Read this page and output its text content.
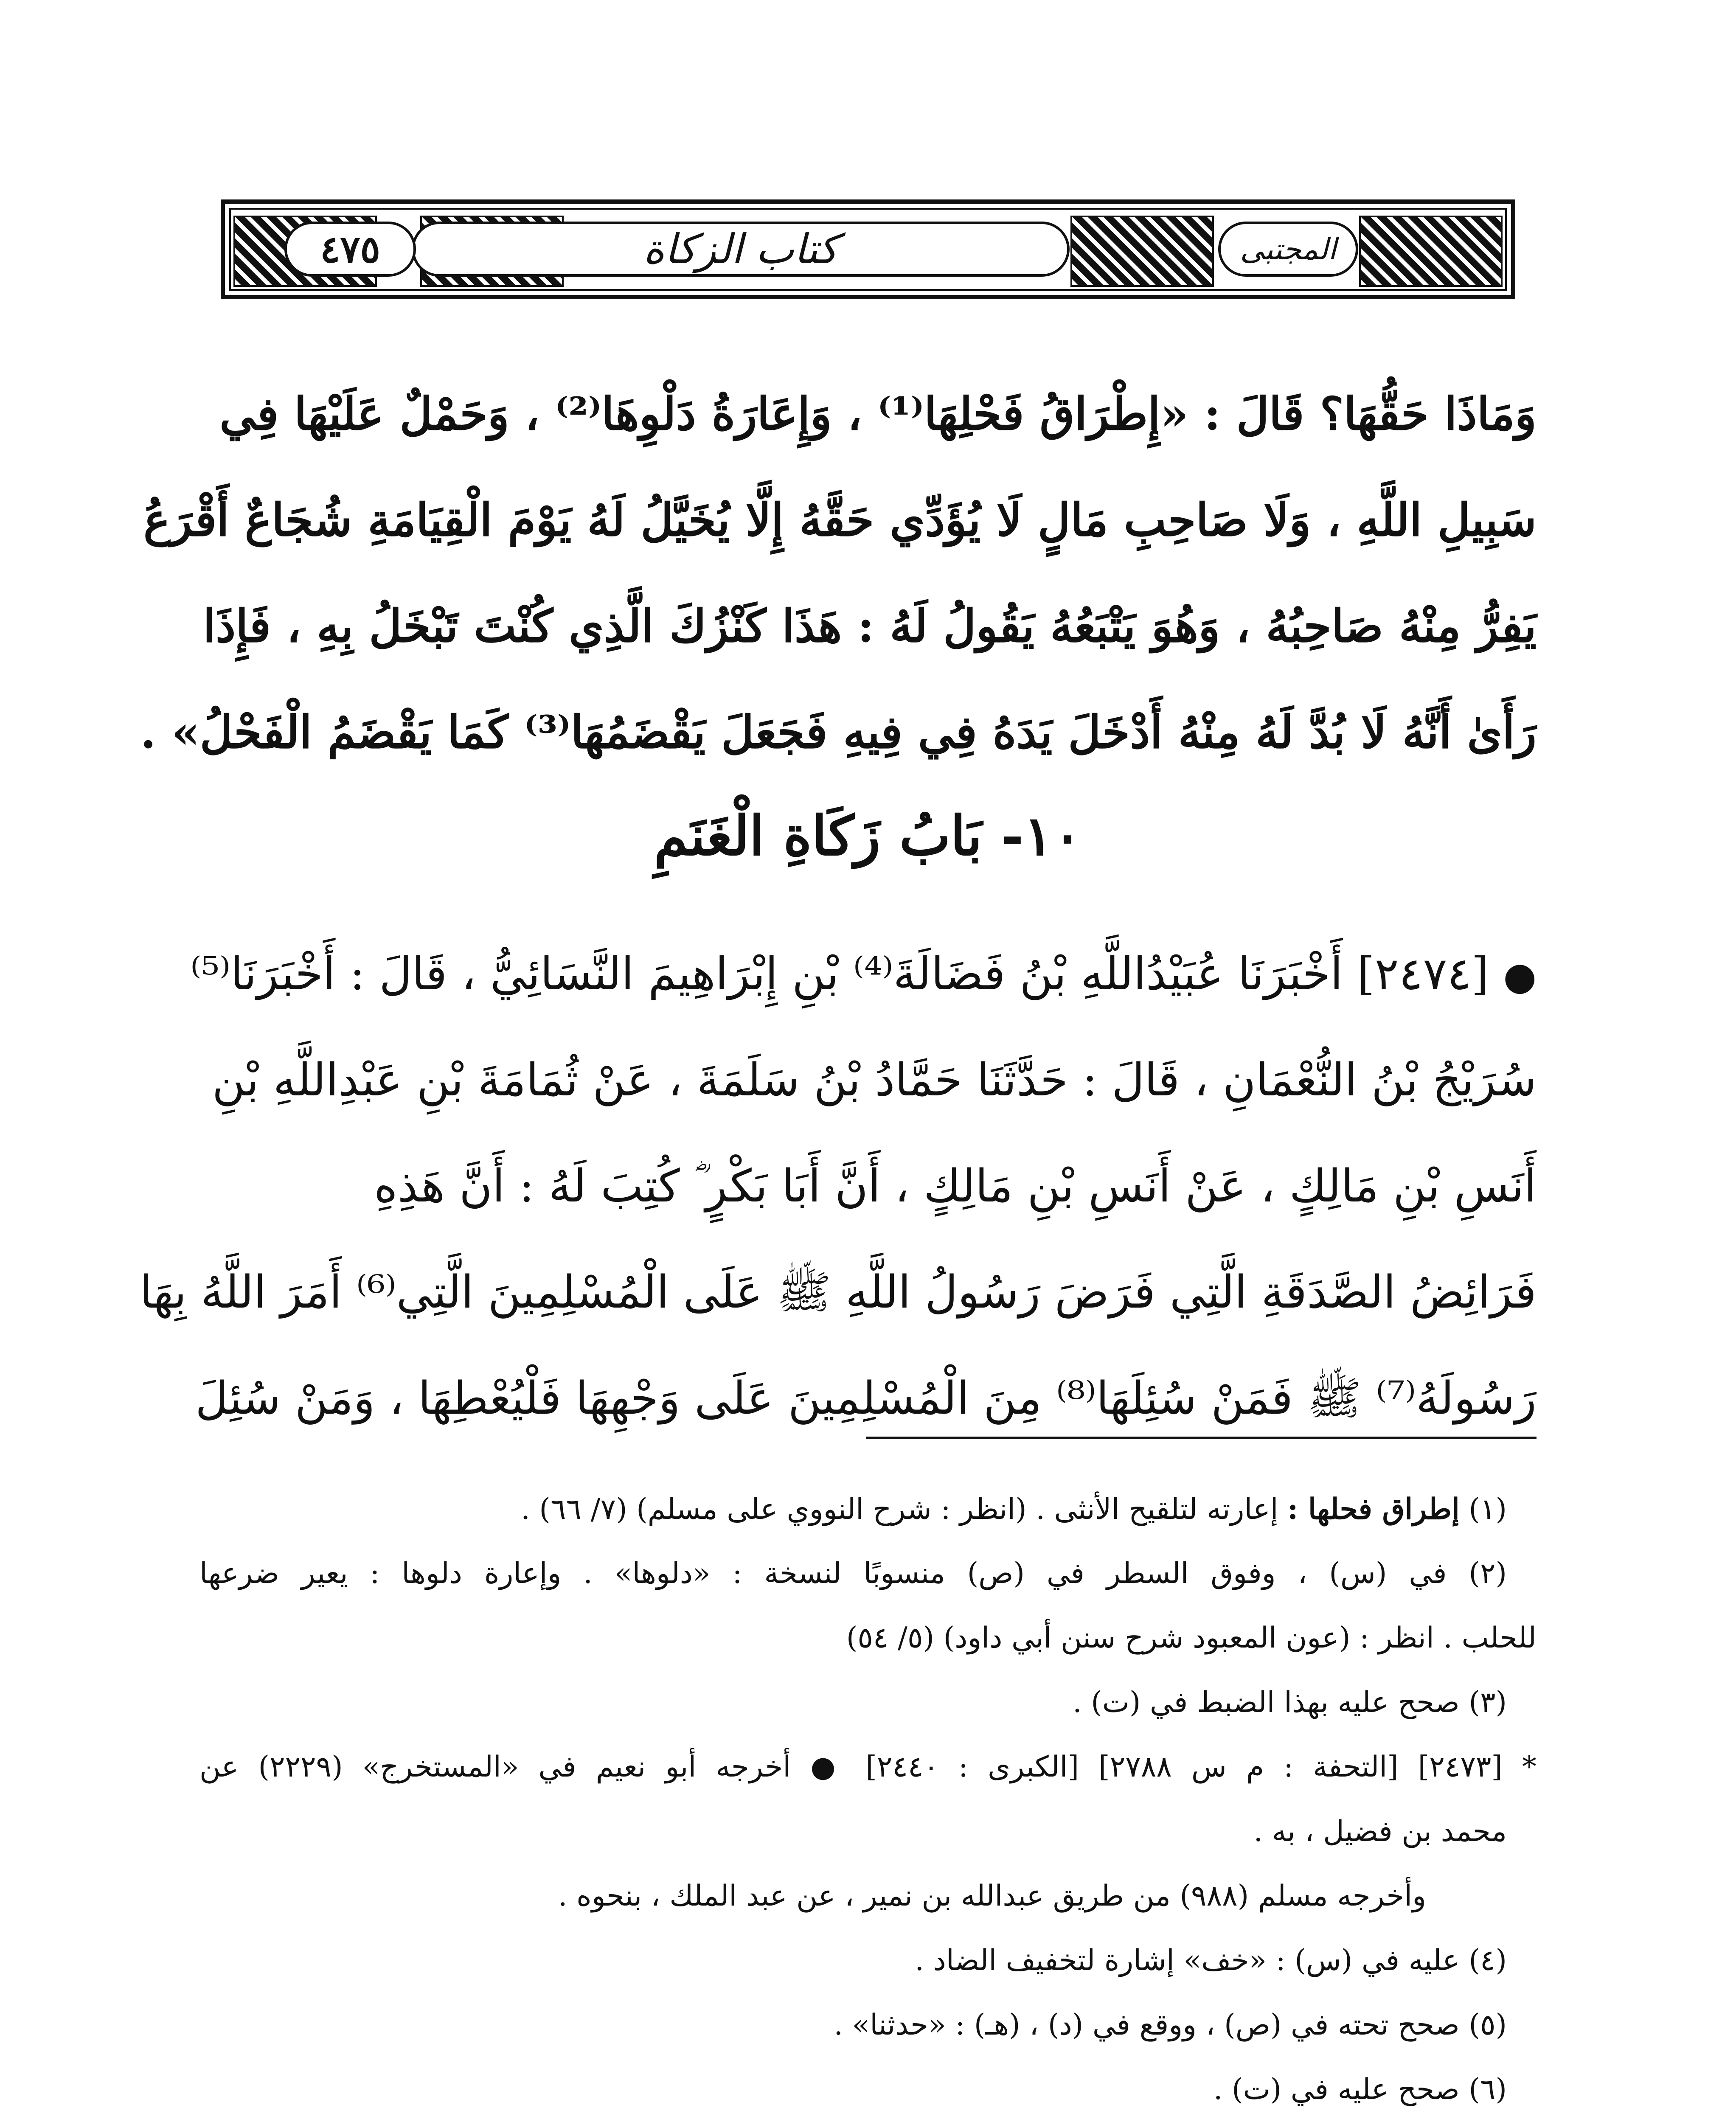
المجتبى
كتاب الزكاة
٤٧٥
وَمَاذَا حَقُّهَا؟ قَالَ : «إِطْرَاقُ فَحْلِهَا⁽¹⁾ ، وَإِعَارَةُ دَلْوِهَا⁽²⁾ ، وَحَمْلٌ عَلَيْهَا فِي
سَبِيلِ اللَّهِ ، وَلَا صَاحِبِ مَالٍ لَا يُؤَدِّي حَقَّهُ إِلَّا يُخَيَّلُ لَهُ يَوْمَ الْقِيَامَةِ شُجَاعٌ أَقْرَعُ
يَفِرُّ مِنْهُ صَاحِبُهُ ، وَهُوَ يَتْبَعُهُ يَقُولُ لَهُ : هَذَا كَنْزُكَ الَّذِي كُنْتَ تَبْخَلُ بِهِ ، فَإِذَا
رَأَىٰ أَنَّهُ لَا بُدَّ لَهُ مِنْهُ أَدْخَلَ يَدَهُ فِي فِيهِ فَجَعَلَ يَقْضَمُهَا⁽³⁾ كَمَا يَقْضَمُ الْفَحْلُ» .
١٠- بَابُ زَكَاةِ الْغَنَمِ
● [٢٤٧٤] أَخْبَرَنَا عُبَيْدُاللَّهِ بْنُ فَضَالَةَ⁽⁴⁾ بْنِ إِبْرَاهِيمَ النَّسَائِيُّ ، قَالَ : أَخْبَرَنَا⁽⁵⁾
سُرَيْجُ بْنُ النُّعْمَانِ ، قَالَ : حَدَّثَنَا حَمَّادُ بْنُ سَلَمَةَ ، عَنْ ثُمَامَةَ بْنِ عَبْدِاللَّهِ بْنِ
أَنَسِ بْنِ مَالِكٍ ، عَنْ أَنَسِ بْنِ مَالِكٍ ، أَنَّ أَبَا بَكْرٍ ؓ كُتِبَ لَهُ : أَنَّ هَذِهِ
فَرَائِضُ الصَّدَقَةِ الَّتِي فَرَضَ رَسُولُ اللَّهِ ﷺ عَلَى الْمُسْلِمِينَ الَّتِي⁽⁶⁾ أَمَرَ اللَّهُ بِهَا
رَسُولَهُ⁽⁷⁾ ﷺ فَمَنْ سُئِلَهَا⁽⁸⁾ مِنَ الْمُسْلِمِينَ عَلَى وَجْهِهَا فَلْيُعْطِهَا ، وَمَنْ سُئِلَ
(١) إطراق فحلها : إعارته لتلقيح الأنثى . (انظر : شرح النووي على مسلم) (٧/ ٦٦) .
(٢) في (س) ، وفوق السطر في (ص) منسوبًا لنسخة : «دلوها» . وإعارة دلوها : يعير ضرعها
للحلب . انظر : (عون المعبود شرح سنن أبي داود) (٥/ ٥٤)
(٣) صحح عليه بهذا الضبط في (ت) .
* [٢٤٧٣] [التحفة : م س ٢٧٨٨] [الكبرى : ٢٤٤٠] ● أخرجه أبو نعيم في «المستخرج» (٢٢٢٩) عن
محمد بن فضيل ، به .
وأخرجه مسلم (٩٨٨) من طريق عبدالله بن نمير ، عن عبد الملك ، بنحوه .
(٤) عليه في (س) : «خف» إشارة لتخفيف الضاد .
(٥) صحح تحته في (ص) ، ووقع في (د) ، (هـ) : «حدثنا» .
(٦) صحح عليه في (ت) .
